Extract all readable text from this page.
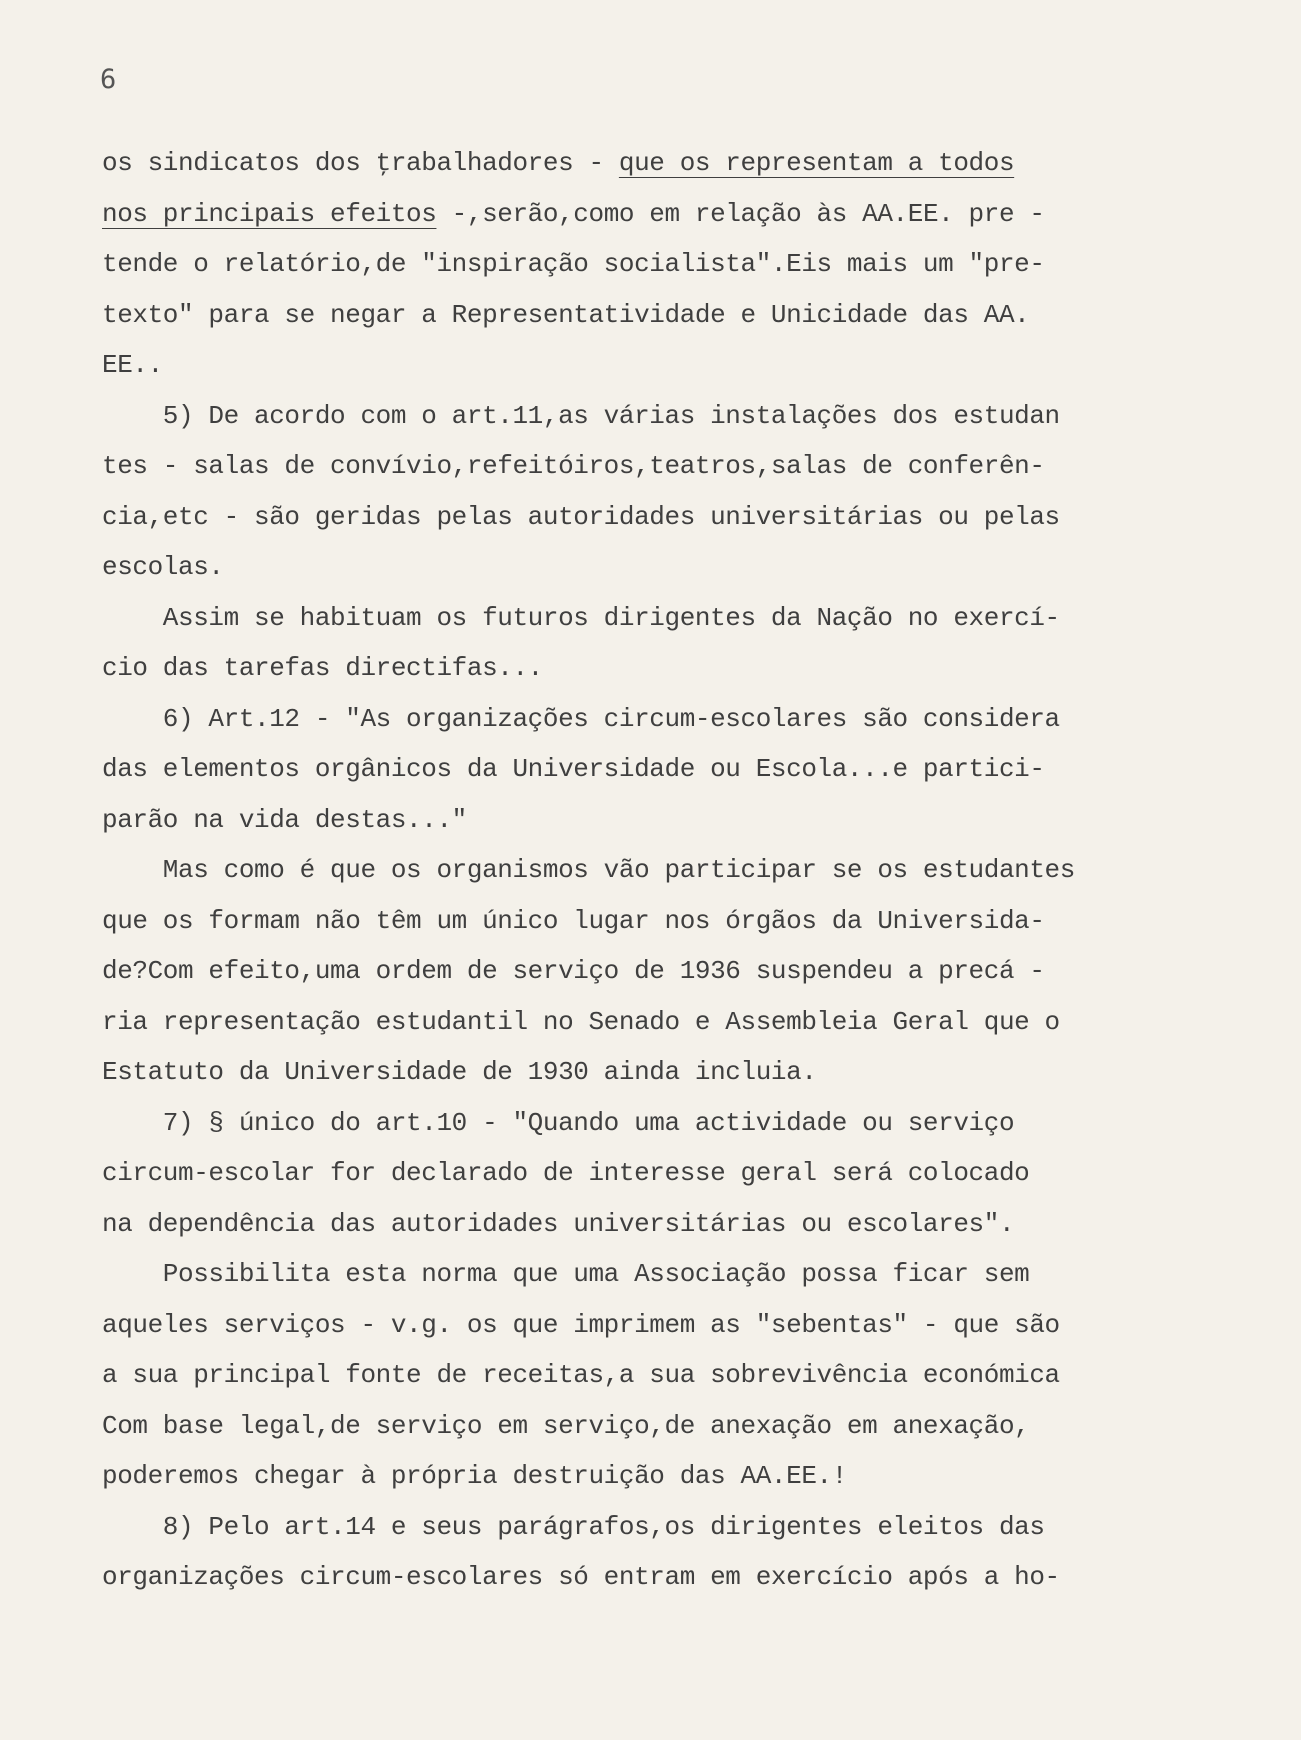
6
os sindicatos dos ţrabalhadores - que os representam a todos
nos principais efeitos -,serão,como em relação às AA.EE. pre -
tende o relatório,de "inspiração socialista".Eis mais um "pre-
texto" para se negar a Representatividade e Unicidade das AA.
EE..
5) De acordo com o art.11,as várias instalações dos estudan
tes - salas de convívio,refeitóiros,teatros,salas de conferên-
cia,etc - são geridas pelas autoridades universitárias ou pelas
escolas.
Assim se habituam os futuros dirigentes da Nação no exercí-
cio das tarefas directifas...
6) Art.12 - "As organizações circum-escolares são considera
das elementos orgânicos da Universidade ou Escola...e partici-
parão na vida destas..."
Mas como é que os organismos vão participar se os estudantes
que os formam não têm um único lugar nos órgãos da Universida-
de?Com efeito,uma ordem de serviço de 1936 suspendeu a precá -
ria representação estudantil no Senado e Assembleia Geral que o
Estatuto da Universidade de 1930 ainda incluia.
7) § único do art.10 - "Quando uma actividade ou serviço
circum-escolar for declarado de interesse geral será colocado
na dependência das autoridades universitárias ou escolares".
Possibilita esta norma que uma Associação possa ficar sem
aqueles serviços - v.g. os que imprimem as "sebentas" - que são
a sua principal fonte de receitas,a sua sobrevivência económica
Com base legal,de serviço em serviço,de anexação em anexação,
poderemos chegar à própria destruição das AA.EE.!
8) Pelo art.14 e seus parágrafos,os dirigentes eleitos das
organizações circum-escolares só entram em exercício após a ho-
